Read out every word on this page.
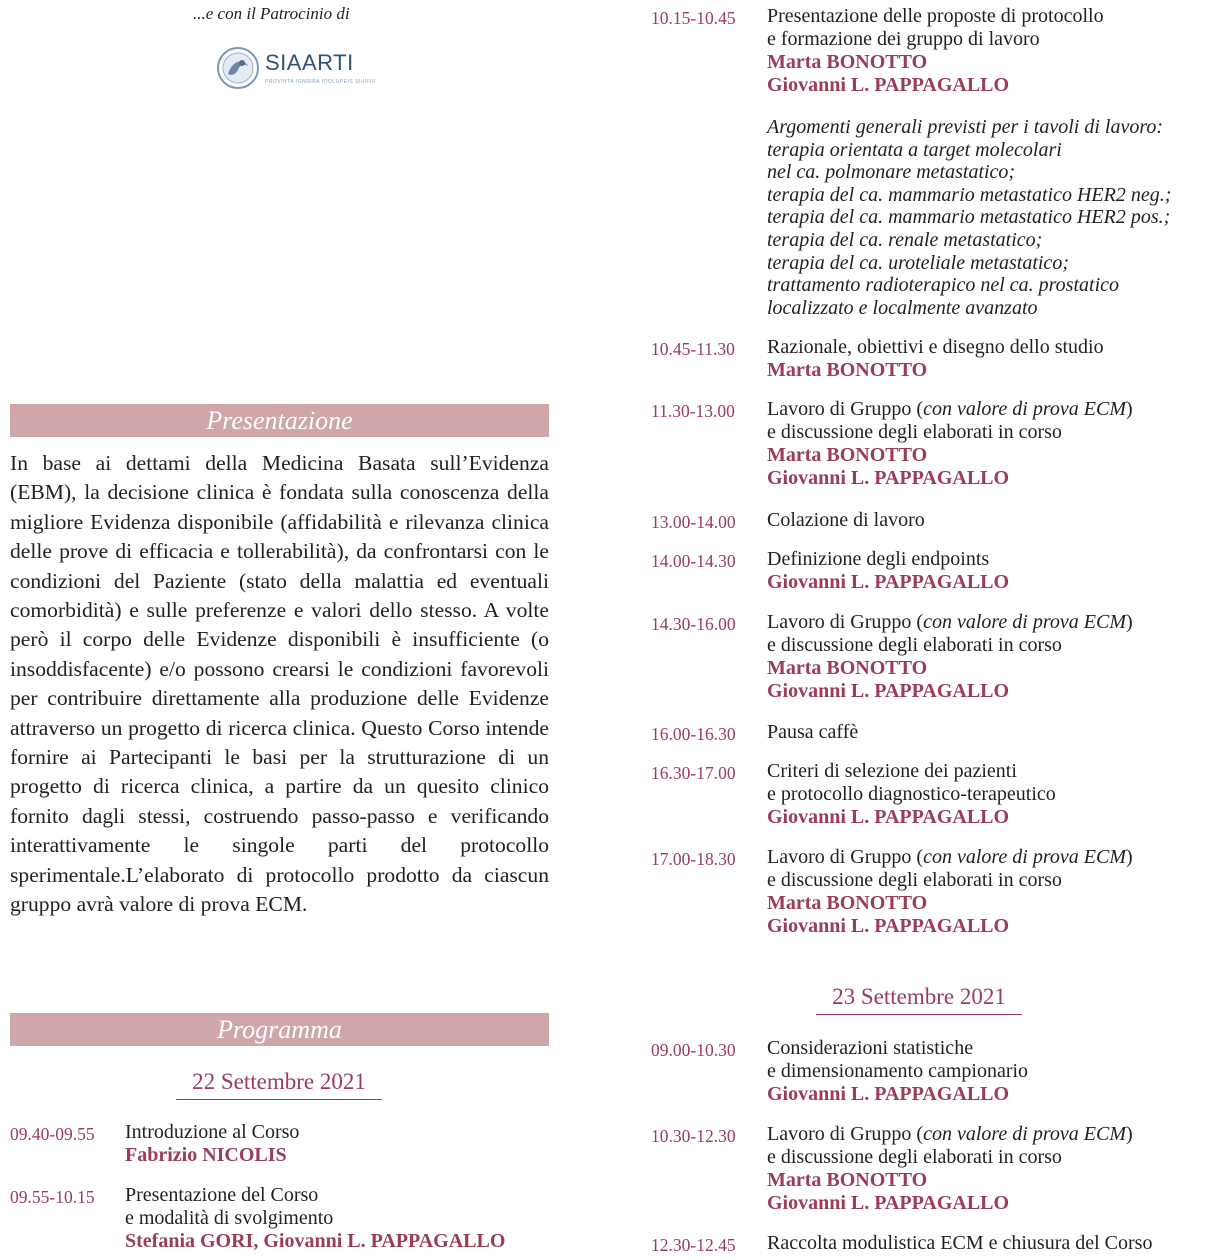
...e con il Patrocinio di
SIAARTI
PROVINTA IGNIRRA IOOLUPEIS SIIIIFIII
Presentazione

In base ai dettami della Medicina Basata sull’Evidenza (EBM), la decisione clinica è fondata sulla conoscenza della migliore Evidenza disponibile (affidabilità e rilevanza clinica delle prove di efficacia e tollerabilità), da confrontarsi con le condizioni del Paziente (stato della malattia ed eventuali comorbidità) e sulle preferenze e valori dello stesso. A volte però il corpo delle Evidenze disponibili è insufficiente (o insoddisfacente) e/o possono crearsi le condizioni favorevoli per contribuire direttamente alla produzione delle Evidenze attraverso un progetto di ricerca clinica. Questo Corso intende fornire ai Partecipanti le basi per la strutturazione di un progetto di ricerca clinica, a partire da un quesito clinico fornito dagli stessi, costruendo passo-passo e verificando interattivamente le singole parti del protocollo sperimentale.L’elaborato di protocollo prodotto da ciascun gruppo avrà valore di prova ECM.

Programma
22 Settembre 2021
09.40-09.55 Introduzione al Corso
Fabrizio NICOLIS
09.55-10.15 Presentazione del Corso
e modalità di svolgimento
Stefania GORI, Giovanni L. PAPPAGALLO
10.15-10.45 Presentazione delle proposte di protocollo
e formazione dei gruppo di lavoro
Marta BONOTTO
Giovanni L. PAPPAGALLO
Argomenti generali previsti per i tavoli di lavoro:
terapia orientata a target molecolari
nel ca. polmonare metastatico;
terapia del ca. mammario metastatico HER2 neg.;
terapia del ca. mammario metastatico HER2 pos.;
terapia del ca. renale metastatico;
terapia del ca. uroteliale metastatico;
trattamento radioterapico nel ca. prostatico
localizzato e localmente avanzato
10.45-11.30 Razionale, obiettivi e disegno dello studio
Marta BONOTTO
11.30-13.00 Lavoro di Gruppo (con valore di prova ECM)
e discussione degli elaborati in corso
Marta BONOTTO
Giovanni L. PAPPAGALLO
13.00-14.00 Colazione di lavoro
14.00-14.30 Definizione degli endpoints
Giovanni L. PAPPAGALLO
14.30-16.00 Lavoro di Gruppo (con valore di prova ECM)
e discussione degli elaborati in corso
Marta BONOTTO
Giovanni L. PAPPAGALLO
16.00-16.30 Pausa caffè
16.30-17.00 Criteri di selezione dei pazienti
e protocollo diagnostico-terapeutico
Giovanni L. PAPPAGALLO
17.00-18.30 Lavoro di Gruppo (con valore di prova ECM)
e discussione degli elaborati in corso
Marta BONOTTO
Giovanni L. PAPPAGALLO
23 Settembre 2021
09.00-10.30 Considerazioni statistiche
e dimensionamento campionario
Giovanni L. PAPPAGALLO
10.30-12.30 Lavoro di Gruppo (con valore di prova ECM)
e discussione degli elaborati in corso
Marta BONOTTO
Giovanni L. PAPPAGALLO
12.30-12.45 Raccolta modulistica ECM e chiusura del Corso
